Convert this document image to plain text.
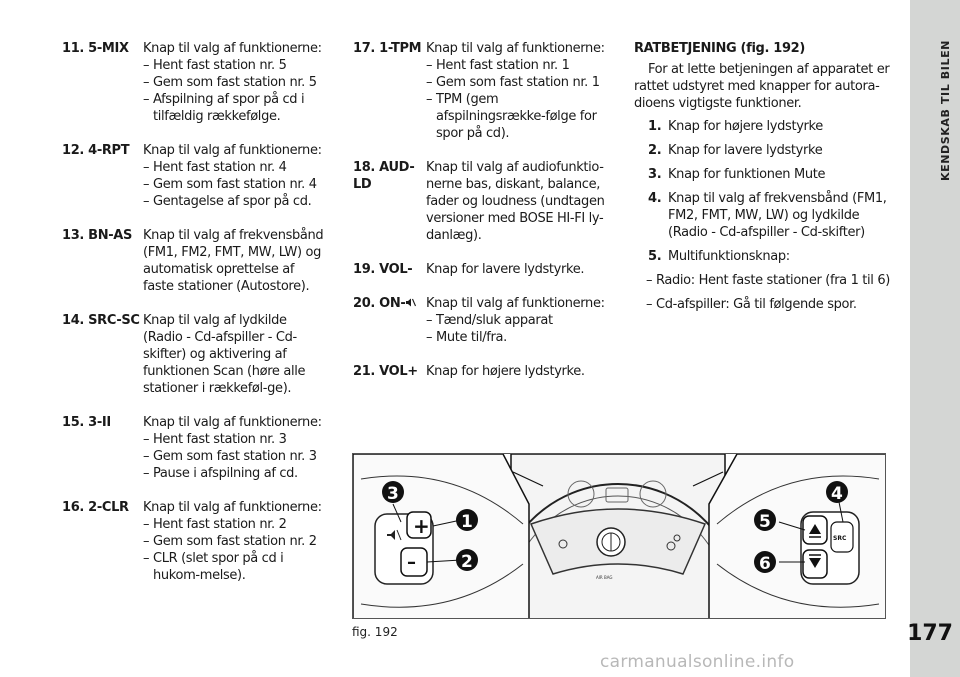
KENDSKAB TIL BILEN
177
11. 5-MIX	Knap til valg af funktionerne:
– Hent fast station nr. 5
– Gem som fast station nr. 5
– Afspilning af spor på cd i tilfældig rækkefølge.
12. 4-RPT	Knap til valg af funktionerne:
– Hent fast station nr. 4
– Gem som fast station nr. 4
– Gentagelse af spor på cd.
13. BN-AS Knap til valg af frekvensbånd (FM1, FM2, FMT, MW, LW) og automatisk oprettelse af faste stationer (Autostore).
14. SRC-SC Knap til valg af lydkilde (Radio - Cd-afspiller - Cd-skifter) og aktivering af funktionen Scan (høre alle stationer i rækkeføl-ge).
15. 3-II	Knap til valg af funktionerne:
– Hent fast station nr. 3
– Gem som fast station nr. 3
– Pause i afspilning af cd.
16. 2-CLR	Knap til valg af funktionerne:
– Hent fast station nr. 2
– Gem som fast station nr. 2
– CLR (slet spor på cd i hukom-melse).
17. 1-TPM Knap til valg af funktionerne:
– Hent fast station nr. 1
– Gem som fast station nr. 1
– TPM (gem afspilningsrække-følge for spor på cd).
18. AUD-LD
Knap til valg af audiofunktio-nerne bas, diskant, balance, fader og loudness (undtagen versioner med BOSE HI-FI ly-danlæg).
19. VOL-	Knap for lavere lydstyrke.
20. ON-	Knap til valg af funktionerne:
– Tænd/sluk apparat
– Mute til/fra.
21. VOL+ Knap for højere lydstyrke.
RATBETJENING (fig. 192)
For at lette betjeningen af apparatet er rattet udstyret med knapper for autora-dioens vigtigste funktioner.
1. Knap for højere lydstyrke
2. Knap for lavere lydstyrke
3. Knap for funktionen Mute
4. Knap til valg af frekvensbånd (FM1, FM2, FMT, MW, LW) og lydkilde (Radio - Cd-afspiller - Cd-skifter)
5. Multifunktionsknap:
– Radio: Hent faste stationer (fra 1 til 6)
– Cd-afspiller: Gå til følgende spor.
AIR BAG
+
–
SRC
3
1
2
4
5
6
fig. 192
carmanualsonline.info
